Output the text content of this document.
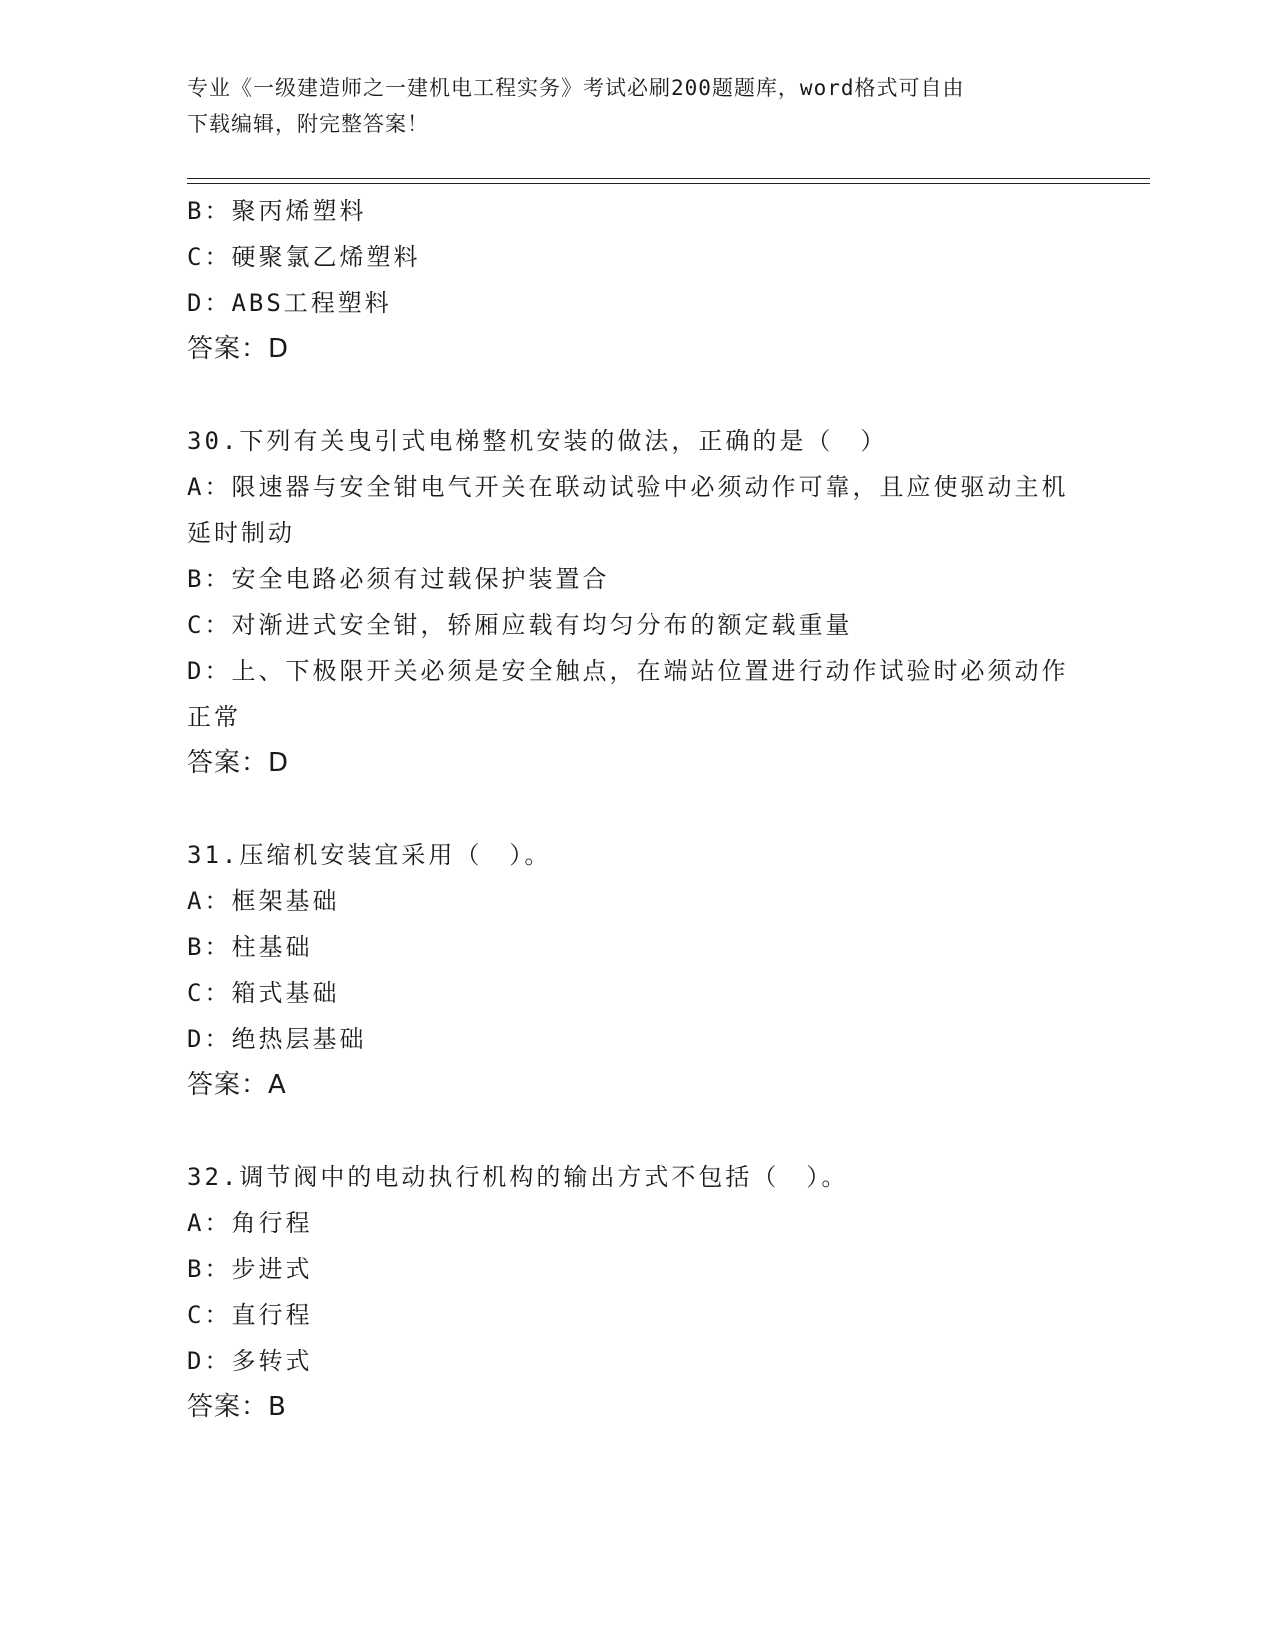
专业《一级建造师之一建机电工程实务》考试必刷200题题库，word格式可自由
下载编辑，附完整答案！
B：聚丙烯塑料
C：硬聚氯乙烯塑料
D：ABS工程塑料
答案：D
30.下列有关曳引式电梯整机安装的做法，正确的是（　）
A：限速器与安全钳电气开关在联动试验中必须动作可靠，且应使驱动主机延时制动
B：安全电路必须有过载保护装置合
C：对渐进式安全钳，轿厢应载有均匀分布的额定载重量
D：上、下极限开关必须是安全触点，在端站位置进行动作试验时必须动作正常
答案：D
31.压缩机安装宜采用（　）。
A：框架基础
B：柱基础
C：箱式基础
D：绝热层基础
答案：A
32.调节阀中的电动执行机构的输出方式不包括（　）。
A：角行程
B：步进式
C：直行程
D：多转式
答案：B
